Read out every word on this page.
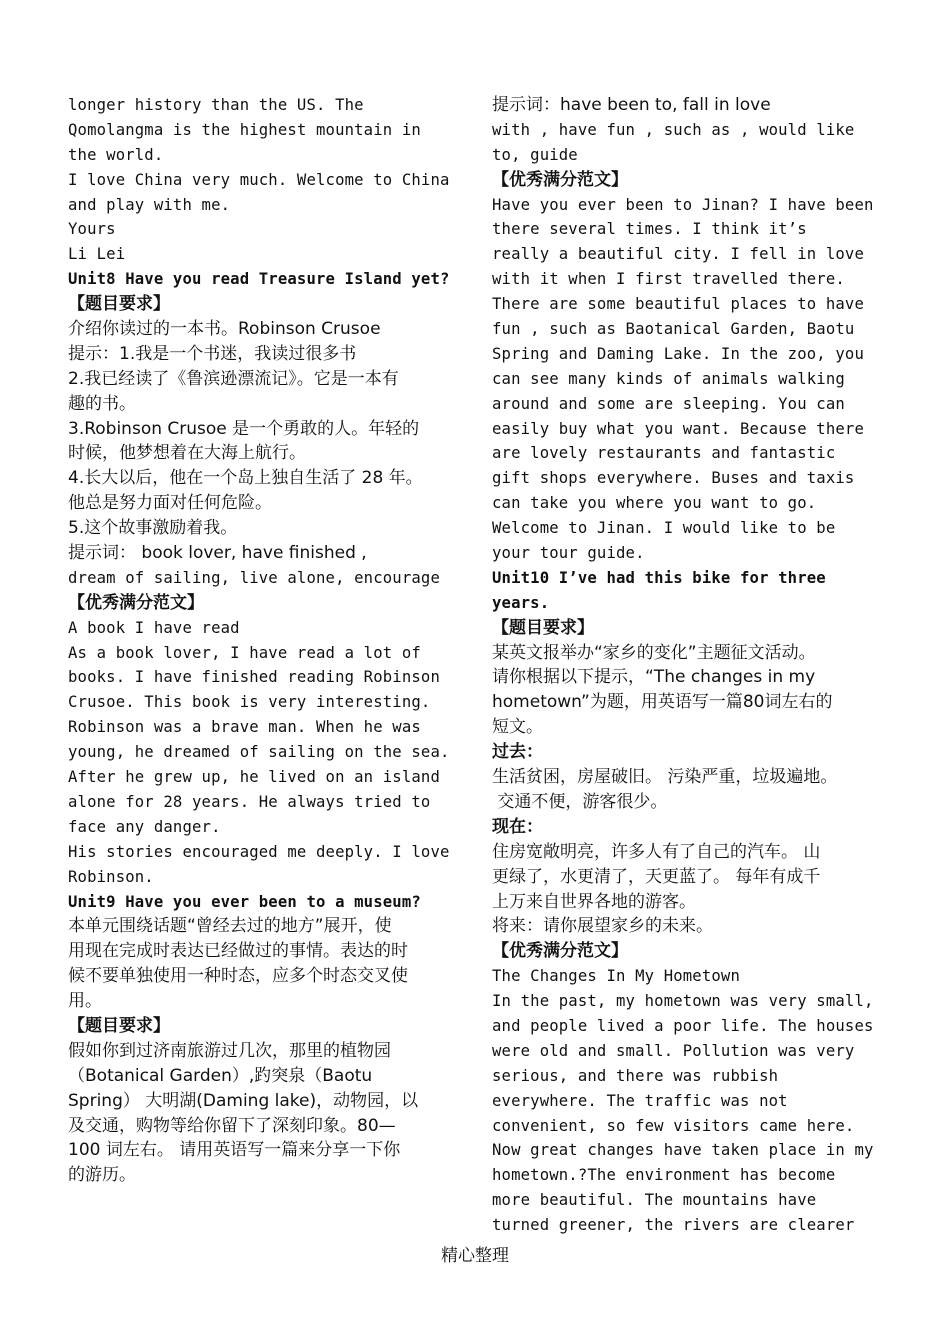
longer history than the US. The
Qomolangma is the highest mountain in
the world.
I love China very much. Welcome to China
and play with me.
Yours
Li Lei
Unit8 Have you read Treasure Island yet?
【题目要求】
介绍你读过的一本书。Robinson Crusoe
提示：1.我是一个书迷，我读过很多书
2.我已经读了《鲁滨逊漂流记》。它是一本有
趣的书。
3.Robinson Crusoe 是一个勇敢的人。年轻的
时候，他梦想着在大海上航行。
4.长大以后，他在一个岛上独自生活了 28 年。
他总是努力面对任何危险。
5.这个故事激励着我。
提示词： book lover, have finished ,
dream of sailing, live alone, encourage
【优秀满分范文】
A book I have read
As a book lover, I have read a lot of
books. I have finished reading Robinson
Crusoe. This book is very interesting.
Robinson was a brave man. When he was
young, he dreamed of sailing on the sea.
After he grew up, he lived on an island
alone for 28 years. He always tried to
face any danger.
His stories encouraged me deeply. I love
Robinson.
Unit9 Have you ever been to a museum?
本单元围绕话题“曾经去过的地方”展开，使
用现在完成时表达已经做过的事情。表达的时
候不要单独使用一种时态，应多个时态交叉使
用。
【题目要求】
假如你到过济南旅游过几次，那里的植物园
（Botanical Garden）,趵突泉（Baotu
Spring） 大明湖(Daming lake)，动物园，以
及交通，购物等给你留下了深刻印象。80—
100 词左右。 请用英语写一篇来分享一下你
的游历。
提示词：have been to, fall in love
with , have fun , such as , would like
to, guide
【优秀满分范文】
Have you ever been to Jinan? I have been
there several times. I think it’s
really a beautiful city. I fell in love
with it when I first travelled there.
There are some beautiful places to have
fun , such as Baotanical Garden, Baotu
Spring and Daming Lake. In the zoo, you
can see many kinds of animals walking
around and some are sleeping. You can
easily buy what you want. Because there
are lovely restaurants and fantastic
gift shops everywhere. Buses and taxis
can take you where you want to go.
Welcome to Jinan. I would like to be
your tour guide.
Unit10 I’ve had this bike for three
years.
【题目要求】
某英文报举办“家乡的变化”主题征文活动。
请你根据以下提示，“The changes in my
hometown”为题，用英语写一篇80词左右的
短文。
过去：
生活贫困，房屋破旧。 污染严重，垃圾遍地。
交通不便，游客很少。
现在：
住房宽敞明亮，许多人有了自己的汽车。 山
更绿了，水更清了，天更蓝了。 每年有成千
上万来自世界各地的游客。
将来：请你展望家乡的未来。
【优秀满分范文】
The Changes In My Hometown
In the past, my hometown was very small,
and people lived a poor life. The houses
were old and small. Pollution was very
serious, and there was rubbish
everywhere. The traffic was not
convenient, so few visitors came here.
Now great changes have taken place in my
hometown.?The environment has become
more beautiful. The mountains have
turned greener, the rivers are clearer
精心整理
